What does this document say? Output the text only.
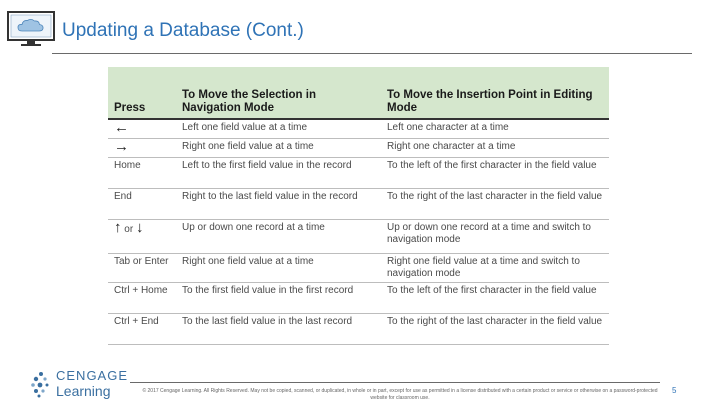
Updating a Database (Cont.)
Press	To Move the Selection in Navigation Mode	To Move the Insertion Point in Editing Mode
←	Left one field value at a time	Left one character at a time
→	Right one field value at a time	Right one character at a time
Home	Left to the first field value in the record	To the left of the first character in the field value
End	Right to the last field value in the record	To the right of the last character in the field value
↑ or ↓	Up or down one record at a time	Up or down one record at a time and switch to navigation mode
Tab or Enter	Right one field value at a time	Right one field value at a time and switch to navigation mode
Ctrl + Home	To the first field value in the first record	To the left of the first character in the field value
Ctrl + End	To the last field value in the last record	To the right of the last character in the field value
CENGAGE
Learning	© 2017 Cengage Learning. All Rights Reserved. May not be copied, scanned, or duplicated, in whole or in part, except for use as permitted in a license distributed with a certain product or service or otherwise on a password-protected website for classroom use.
5
